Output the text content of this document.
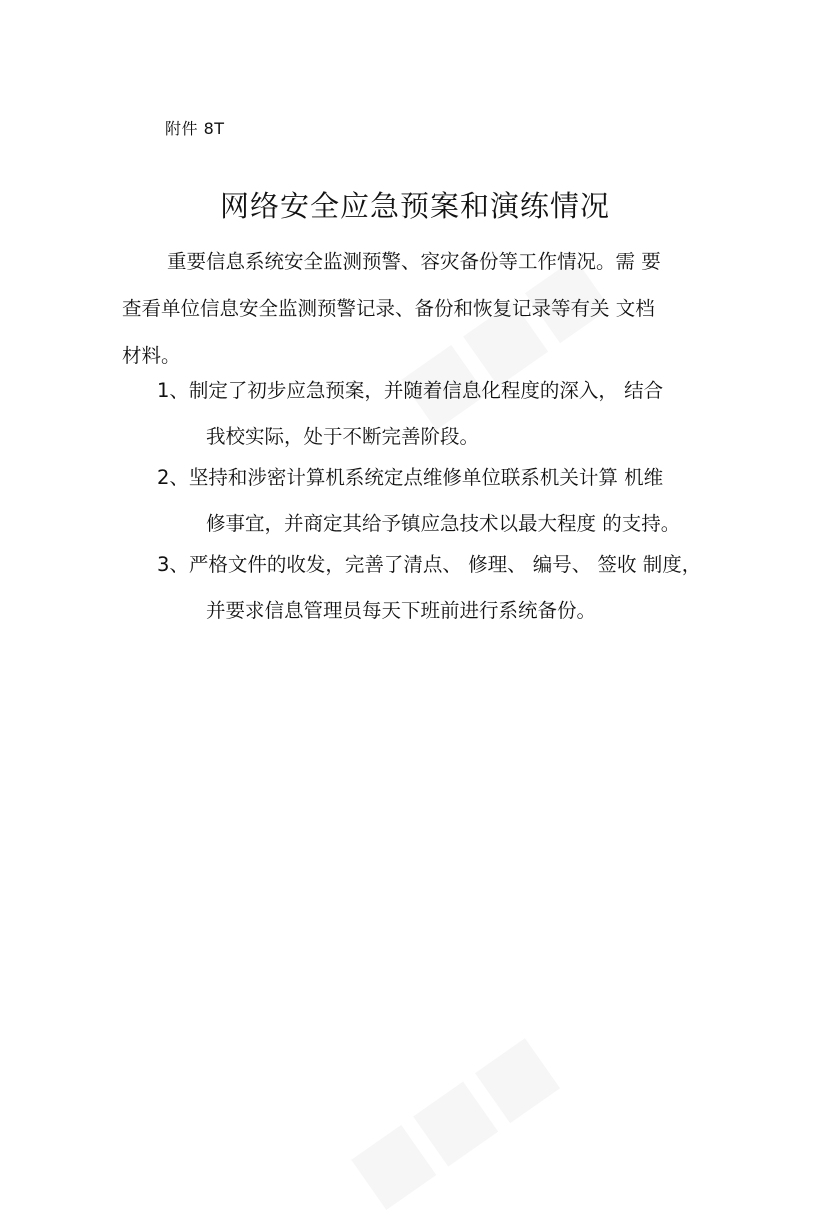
附件 8T
网络安全应急预案和演练情况
重要信息系统安全监测预警、容灾备份等工作情况。需 要
查看单位信息安全监测预警记录、备份和恢复记录等有关 文档
材料。
1、制定了初步应急预案，并随着信息化程度的深入， 结合
我校实际，处于不断完善阶段。
2、坚持和涉密计算机系统定点维修单位联系机关计算 机维
修事宜，并商定其给予镇应急技术以最大程度 的支持。
3、严格文件的收发，完善了清点、 修理、 编号、 签收 制度，
并要求信息管理员每天下班前进行系统备份。
